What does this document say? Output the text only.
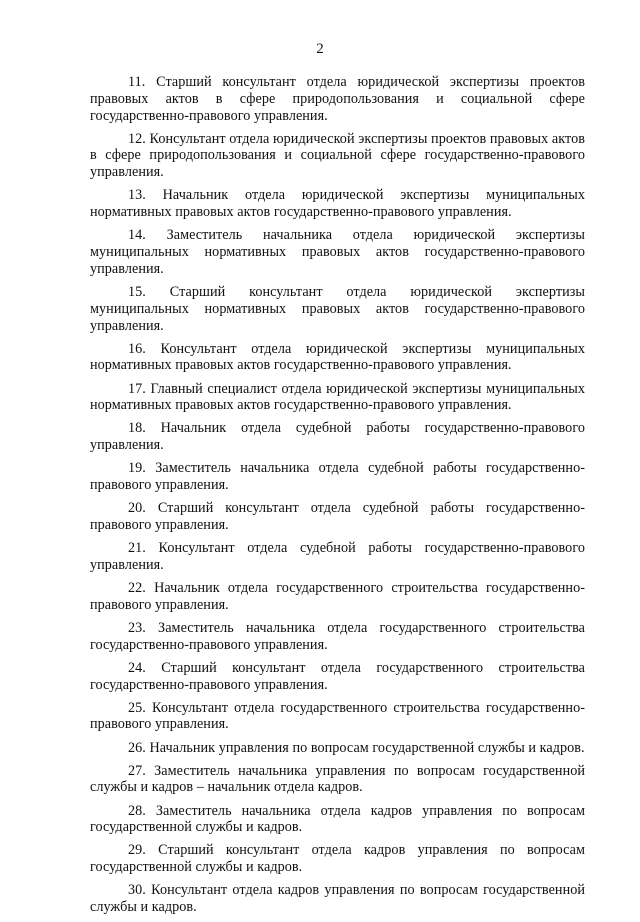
2

11. Старший консультант отдела юридической экспертизы проектов правовых актов в сфере природопользования и социальной сфере государственно-правового управления.

12. Консультант отдела юридической экспертизы проектов правовых актов в сфере природопользования и социальной сфере государственно-правового управления.

13. Начальник отдела юридической экспертизы муниципальных нормативных правовых актов государственно-правового управления.

14. Заместитель начальника отдела юридической экспертизы муниципальных нормативных правовых актов государственно-правового управления.

15. Старший консультант отдела юридической экспертизы муниципальных нормативных правовых актов государственно-правового управления.

16. Консультант отдела юридической экспертизы муниципальных нормативных правовых актов государственно-правового управления.

17. Главный специалист отдела юридической экспертизы муниципальных нормативных правовых актов государственно-правового управления.

18. Начальник отдела судебной работы государственно-правового управления.

19. Заместитель начальника отдела судебной работы государственно-правового управления.

20. Старший консультант отдела судебной работы государственно-правового управления.

21. Консультант отдела судебной работы государственно-правового управления.

22. Начальник отдела государственного строительства государственно-правового управления.

23. Заместитель начальника отдела государственного строительства государственно-правового управления.

24. Старший консультант отдела государственного строительства государственно-правового управления.

25. Консультант отдела государственного строительства государственно-правового управления.

26. Начальник управления по вопросам государственной службы и кадров.

27. Заместитель начальника управления по вопросам государственной службы и кадров – начальник отдела кадров.

28. Заместитель начальника отдела кадров управления по вопросам государственной службы и кадров.

29. Старший консультант отдела кадров управления по вопросам государственной службы и кадров.

30. Консультант отдела кадров управления по вопросам государственной службы и кадров.
